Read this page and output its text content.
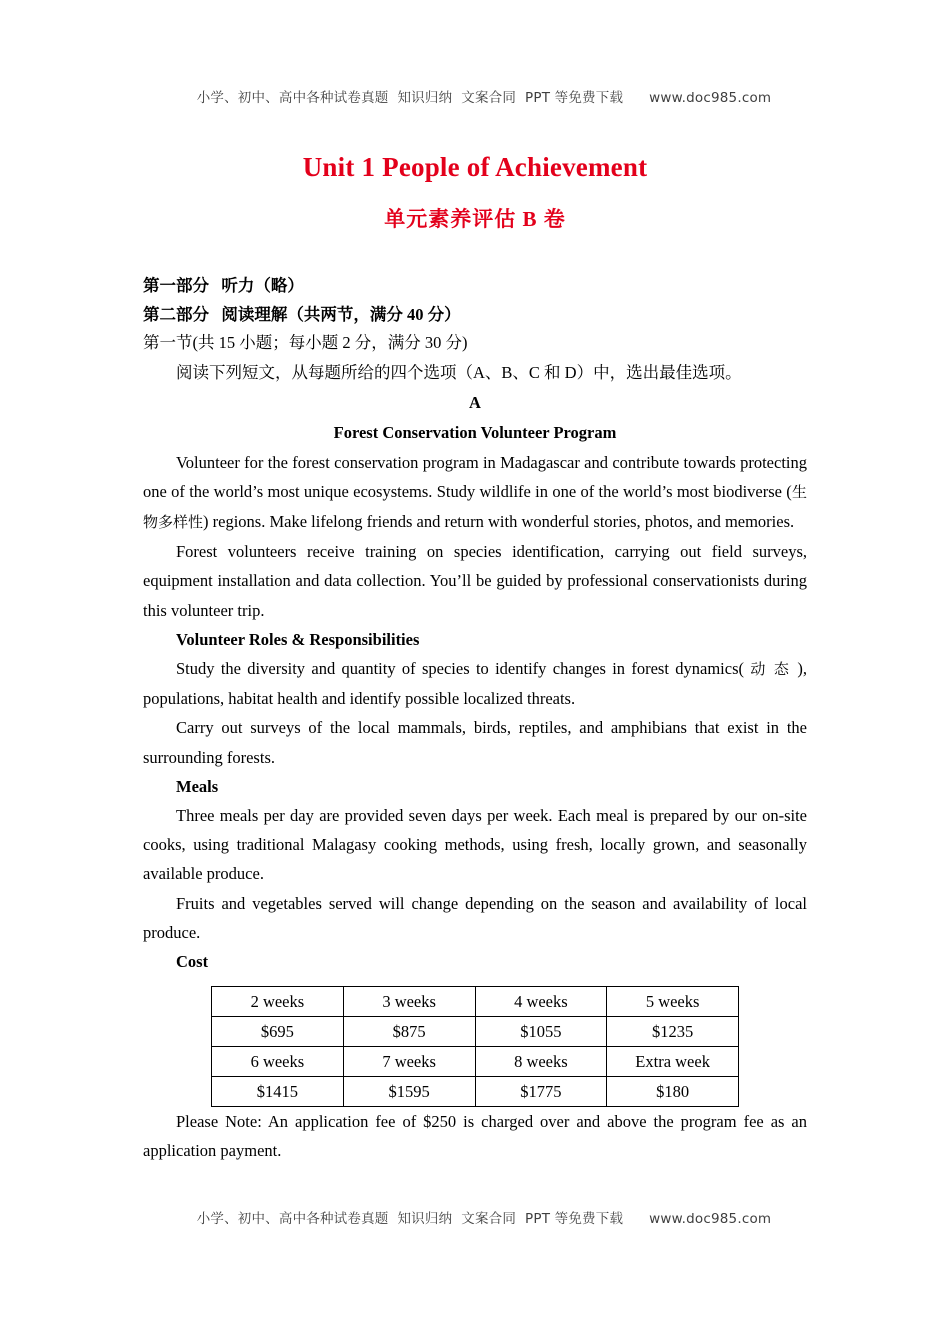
小学、初中、高中各种试卷真题  知识归纳  文案合同  PPT 等免费下载 www.doc985.com

Unit 1 People of Achievement
单元素养评估 B 卷
第一部分   听力（略）
第二部分   阅读理解（共两节，满分 40 分）
第一节(共 15 小题；每小题 2 分，满分 30 分)
阅读下列短文，从每题所给的四个选项（A、B、C 和 D）中，选出最佳选项。
A
Forest Conservation Volunteer Program

Volunteer for the forest conservation program in Madagascar and contribute towards protecting one of the world’s most unique ecosystems. Study wildlife in one of the world’s most biodiverse (生物多样性) regions. Make lifelong friends and return with wonderful stories, photos, and memories.

Forest volunteers receive training on species identification, carrying out field surveys, equipment installation and data collection. You’ll be guided by professional conservationists during this volunteer trip.

Volunteer Roles & Responsibilities

Study the diversity and quantity of species to identify changes in forest dynamics( 动 态 ), populations, habitat health and identify possible localized threats.

Carry out surveys of the local mammals, birds, reptiles, and amphibians that exist in the surrounding forests.

Meals

Three meals per day are provided seven days per week. Each meal is prepared by our on-site cooks, using traditional Malagasy cooking methods, using fresh, locally grown, and seasonally available produce.

Fruits and vegetables served will change depending on the season and availability of local produce.

Cost

2 weeks	3 weeks	4 weeks	5 weeks
$695	$875	$1055	$1235
6 weeks	7 weeks	8 weeks	Extra week
$1415	$1595	$1775	$180

Please Note: An application fee of $250 is charged over and above the program fee as an application payment.

小学、初中、高中各种试卷真题  知识归纳  文案合同  PPT 等免费下载 www.doc985.com
